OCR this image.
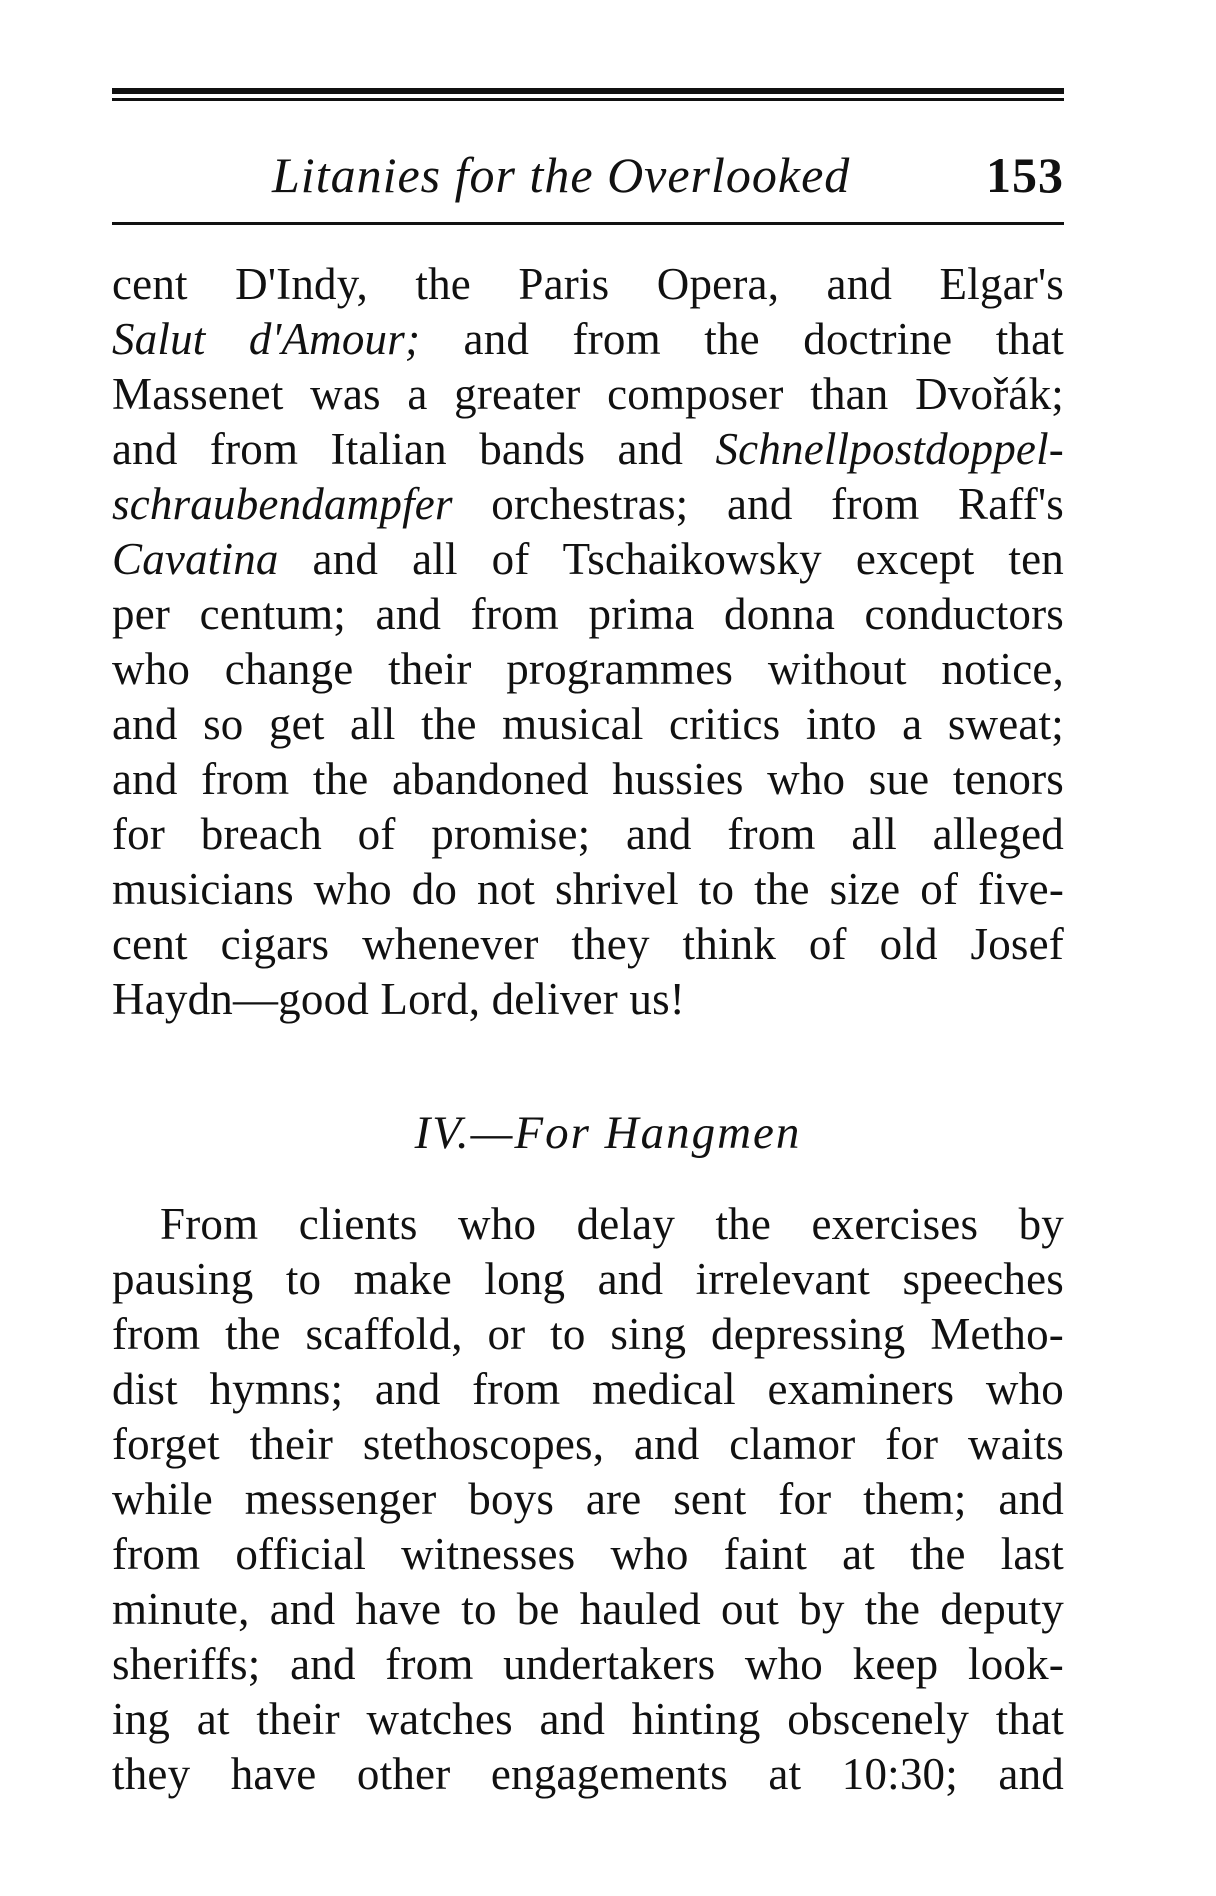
Litanies for the Overlooked	153
cent D'Indy, the Paris Opera, and Elgar's
Salut d'Amour; and from the doctrine that
Massenet was a greater composer than Dvořák;
and from Italian bands and Schnellpostdoppel-
schraubendampfer orchestras; and from Raff's
Cavatina and all of Tschaikowsky except ten
per centum; and from prima donna conductors
who change their programmes without notice,
and so get all the musical critics into a sweat;
and from the abandoned hussies who sue tenors
for breach of promise; and from all alleged
musicians who do not shrivel to the size of five-
cent cigars whenever they think of old Josef
Haydn—good Lord, deliver us!
IV.—For Hangmen
From clients who delay the exercises by
pausing to make long and irrelevant speeches
from the scaffold, or to sing depressing Metho-
dist hymns; and from medical examiners who
forget their stethoscopes, and clamor for waits
while messenger boys are sent for them; and
from official witnesses who faint at the last
minute, and have to be hauled out by the deputy
sheriffs; and from undertakers who keep look-
ing at their watches and hinting obscenely that
they have other engagements at 10:30; and
